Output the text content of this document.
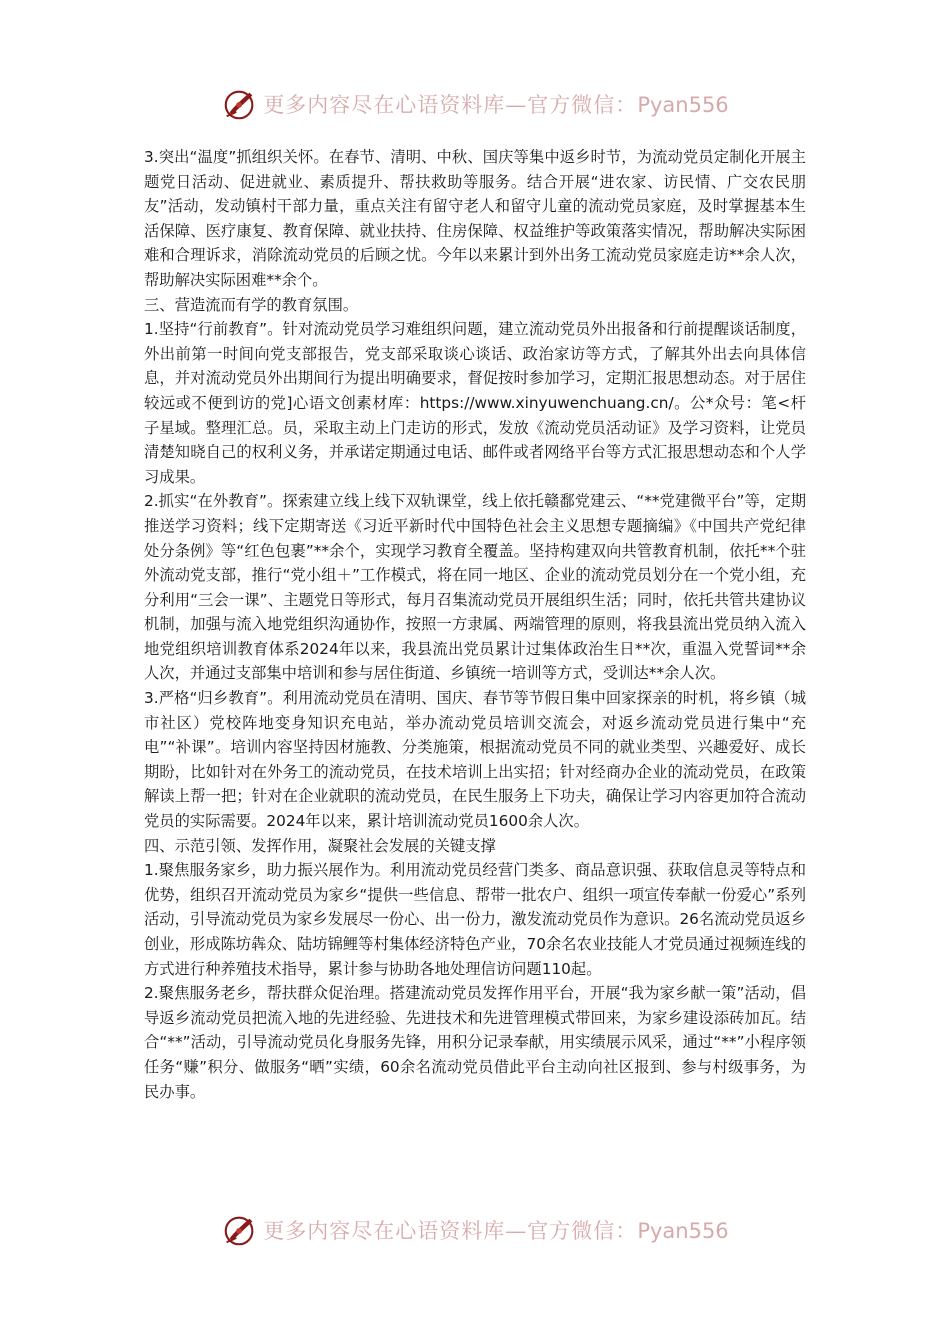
更多内容尽在心语资料库—官方微信：Pyan556

3.突出“温度”抓组织关怀。在春节、清明、中秋、国庆等集中返乡时节，为流动党员定制化开展主题党日活动、促进就业、素质提升、帮扶救助等服务。结合开展“进农家、访民情、广交农民朋友”活动，发动镇村干部力量，重点关注有留守老人和留守儿童的流动党员家庭，及时掌握基本生活保障、医疗康复、教育保障、就业扶持、住房保障、权益维护等政策落实情况，帮助解决实际困难和合理诉求，消除流动党员的后顾之忧。今年以来累计到外出务工流动党员家庭走访**余人次，帮助解决实际困难**余个。

三、营造流而有学的教育氛围。

1.坚持“行前教育”。针对流动党员学习难组织问题，建立流动党员外出报备和行前提醒谈话制度，外出前第一时间向党支部报告，党支部采取谈心谈话、政治家访等方式，了解其外出去向具体信息，并对流动党员外出期间行为提出明确要求，督促按时参加学习，定期汇报思想动态。对于居住较远或不便到访的党]心语文创素材库：https://www.xinyuwenchuang.cn/。公*众号：笔<杆子星域。整理汇总。员，采取主动上门走访的形式，发放《流动党员活动证》及学习资料，让党员清楚知晓自己的权利义务，并承诺定期通过电话、邮件或者网络平台等方式汇报思想动态和个人学习成果。

2.抓实“在外教育”。探索建立线上线下双轨课堂，线上依托赣鄱党建云、“**党建微平台”等，定期推送学习资料；线下定期寄送《习近平新时代中国特色社会主义思想专题摘编》《中国共产党纪律处分条例》等“红色包裹”**余个，实现学习教育全覆盖。坚持构建双向共管教育机制，依托**个驻外流动党支部，推行“党小组＋”工作模式，将在同一地区、企业的流动党员划分在一个党小组，充分利用“三会一课”、主题党日等形式，每月召集流动党员开展组织生活；同时，依托共管共建协议机制，加强与流入地党组织沟通协作，按照一方隶属、两端管理的原则，将我县流出党员纳入流入地党组织培训教育体系2024年以来，我县流出党员累计过集体政治生日**次，重温入党誓词**余人次，并通过支部集中培训和参与居住街道、乡镇统一培训等方式，受训达**余人次。

3.严格“归乡教育”。利用流动党员在清明、国庆、春节等节假日集中回家探亲的时机，将乡镇（城市社区）党校阵地变身知识充电站，举办流动党员培训交流会，对返乡流动党员进行集中“充电”“补课”。培训内容坚持因材施教、分类施策，根据流动党员不同的就业类型、兴趣爱好、成长期盼，比如针对在外务工的流动党员，在技术培训上出实招；针对经商办企业的流动党员，在政策解读上帮一把；针对在企业就职的流动党员，在民生服务上下功夫，确保让学习内容更加符合流动党员的实际需要。2024年以来，累计培训流动党员1600余人次。

四、示范引领、发挥作用，凝聚社会发展的关键支撑

1.聚焦服务家乡，助力振兴展作为。利用流动党员经营门类多、商品意识强、获取信息灵等特点和优势，组织召开流动党员为家乡“提供一些信息、帮带一批农户、组织一项宣传奉献一份爱心”系列活动，引导流动党员为家乡发展尽一份心、出一份力，激发流动党员作为意识。26名流动党员返乡创业，形成陈坊犇众、陆坊锦鲤等村集体经济特色产业，70余名农业技能人才党员通过视频连线的方式进行种养殖技术指导，累计参与协助各地处理信访问题110起。

2.聚焦服务老乡，帮扶群众促治理。搭建流动党员发挥作用平台，开展“我为家乡献一策”活动，倡导返乡流动党员把流入地的先进经验、先进技术和先进管理模式带回来，为家乡建设添砖加瓦。结合“**”活动，引导流动党员化身服务先锋，用积分记录奉献，用实绩展示风采，通过“**”小程序领任务“赚”积分、做服务“晒”实绩，60余名流动党员借此平台主动向社区报到、参与村级事务，为民办事。

更多内容尽在心语资料库—官方微信：Pyan556
